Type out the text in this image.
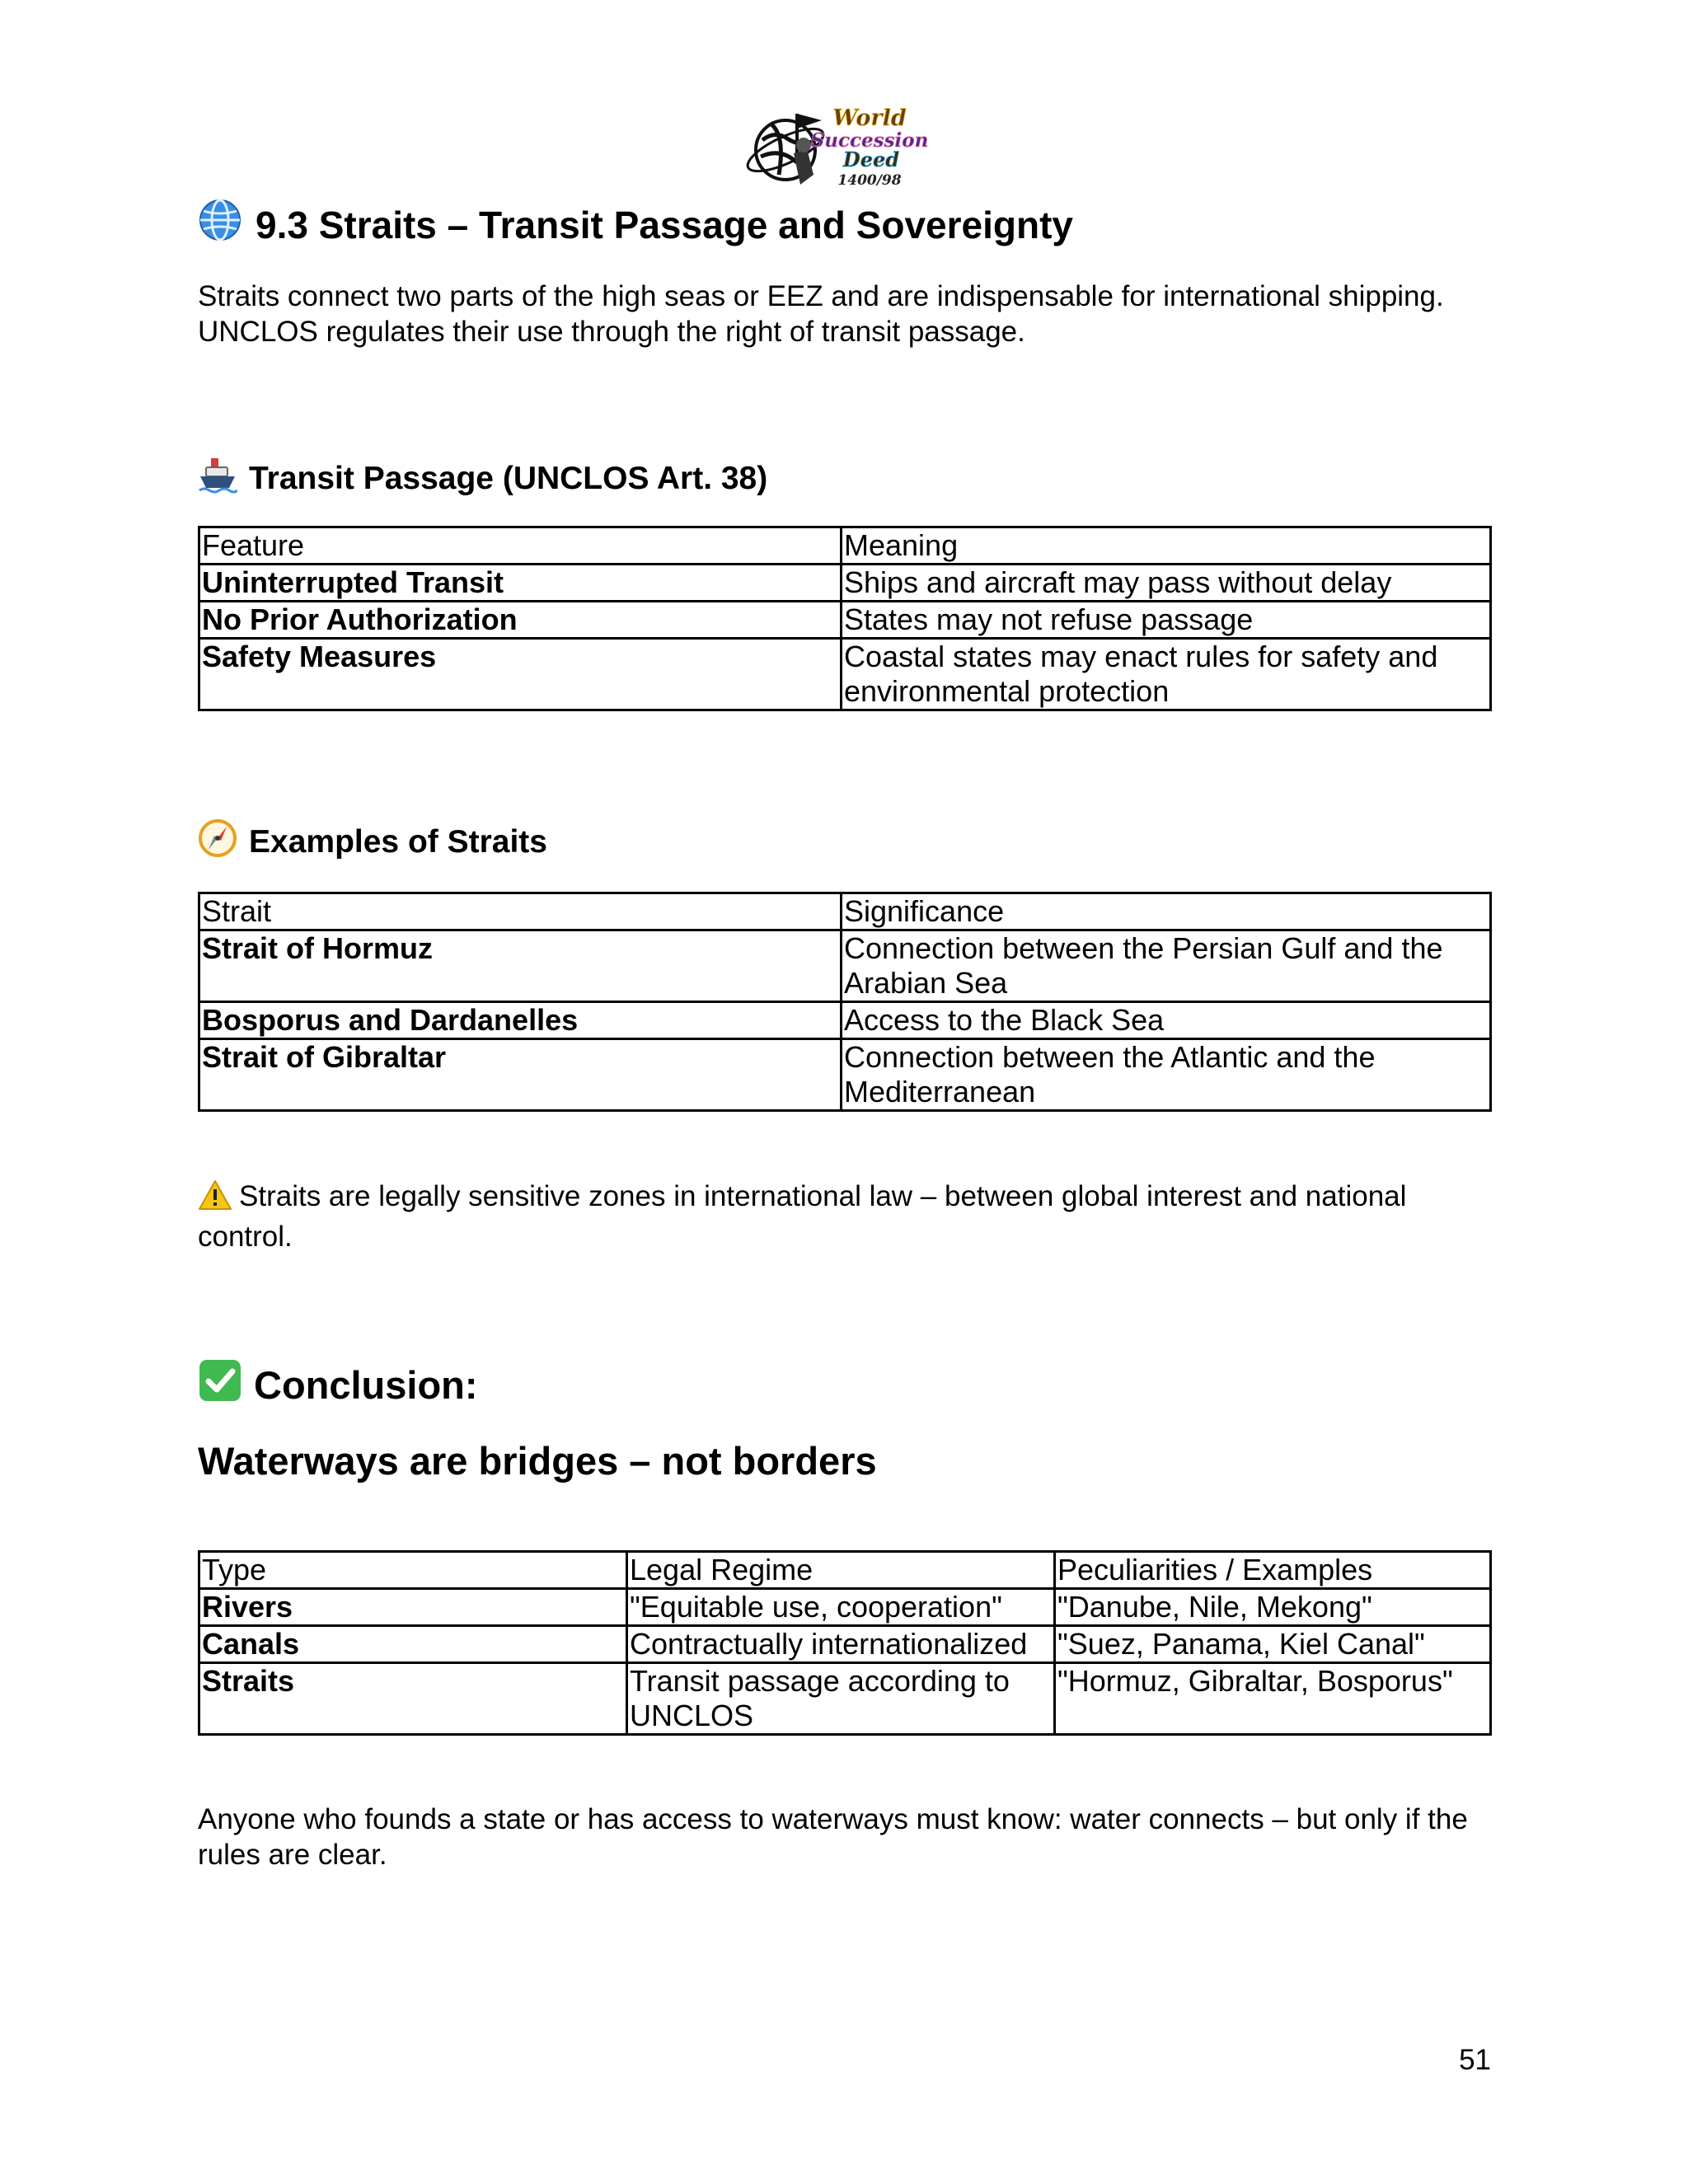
World
Succession
Deed
1400/98
9.3 Straits – Transit Passage and Sovereignty

Straits connect two parts of the high seas or EEZ and are indispensable for international shipping. UNCLOS regulates their use through the right of transit passage.

Transit Passage (UNCLOS Art. 38)
Feature	Meaning
Uninterrupted Transit	Ships and aircraft may pass without delay
No Prior Authorization	States may not refuse passage
Safety Measures	Coastal states may enact rules for safety and environmental protection
Examples of Straits
Strait	Significance
Strait of Hormuz	Connection between the Persian Gulf and the Arabian Sea
Bosporus and Dardanelles	Access to the Black Sea
Strait of Gibraltar	Connection between the Atlantic and the Mediterranean

Straits are legally sensitive zones in international law – between global interest and national control.

Conclusion:
Waterways are bridges – not borders
Type	Legal Regime	Peculiarities / Examples
Rivers	"Equitable use, cooperation"	"Danube, Nile, Mekong"
Canals	Contractually internationalized	"Suez, Panama, Kiel Canal"
Straits	Transit passage according to UNCLOS	"Hormuz, Gibraltar, Bosporus"

Anyone who founds a state or has access to waterways must know: water connects – but only if the rules are clear.

51
